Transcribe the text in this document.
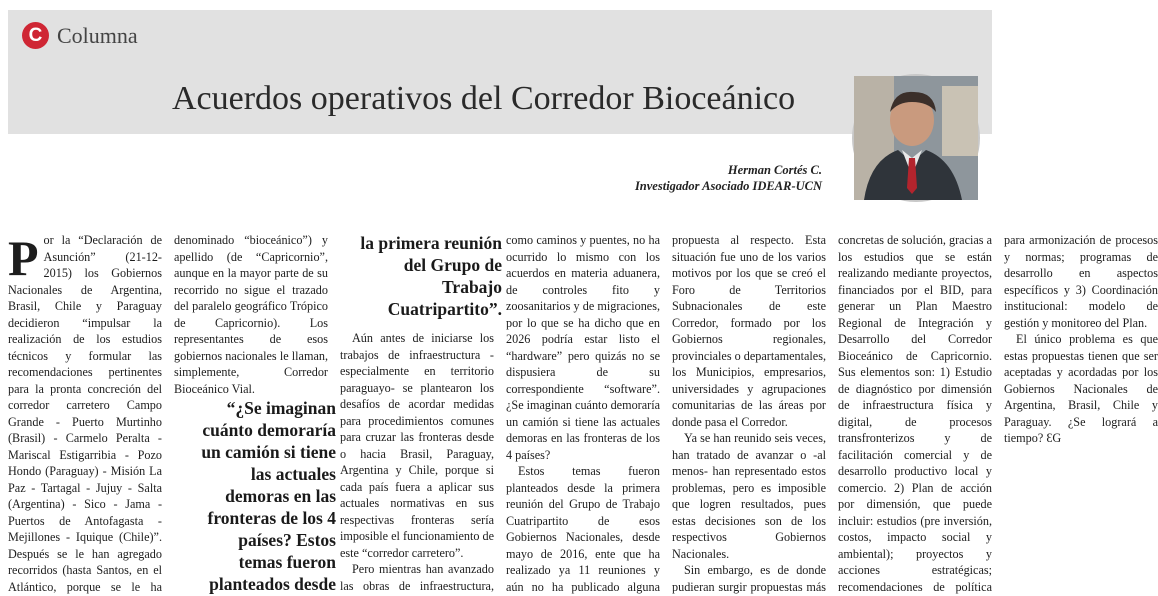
C Columna
Acuerdos operativos del Corredor Bioceánico
Herman Cortés C.
Investigador Asociado IDEAR-UCN

Por la “Declaración de Asunción” (21-12-2015) los Gobiernos Nacionales de Argentina, Brasil, Chile y Paraguay decidieron “impulsar la realización de los estudios técnicos y formular las recomendaciones pertinentes para la pronta concreción del corredor carretero Campo Grande - Puerto Murtinho (Brasil) - Carmelo Peralta - Mariscal Estigarribia - Pozo Hondo (Paraguay) - Misión La Paz - Tartagal - Jujuy - Salta (Argentina) - Sico - Jama - Puertos de Antofagasta - Mejillones - Iquique (Chile)”. Después se le han agregado recorridos (hasta Santos, en el Atlántico, porque se le ha denominado “bioceánico”) y apellido (de “Capricornio”, aunque en la mayor parte de su recorrido no sigue el trazado del paralelo geográfico Trópico de Capricornio). Los representantes de esos gobiernos nacionales le llaman, simplemente, Corredor Bioceánico Vial.

“¿Se imaginan cuánto demoraría un camión si tiene las actuales demoras en las fronteras de los 4 países? Estos temas fueron planteados desde la primera reunión del Grupo de Trabajo Cuatripartito”.

Aún antes de iniciarse los trabajos de infraestructura -especialmente en territorio paraguayo- se plantearon los desafíos de acordar medidas para procedimientos comunes para cruzar las fronteras desde o hacia Brasil, Paraguay, Argentina y Chile, porque si cada país fuera a aplicar sus actuales normativas en sus respectivas fronteras sería imposible el funcionamiento de este “corredor carretero”.

Pero mientras han avanzado las obras de infraestructura, como caminos y puentes, no ha ocurrido lo mismo con los acuerdos en materia aduanera, de controles fito y zoosanitarios y de migraciones, por lo que se ha dicho que en 2026 podría estar listo el “hardware” pero quizás no se dispusiera de su correspondiente “software”. ¿Se imaginan cuánto demoraría un camión si tiene las actuales demoras en las fronteras de los 4 países?

Estos temas fueron planteados desde la primera reunión del Grupo de Trabajo Cuatripartito de esos Gobiernos Nacionales, desde mayo de 2016, ente que ha realizado ya 11 reuniones y aún no ha publicado alguna propuesta al respecto. Esta situación fue uno de los varios motivos por los que se creó el Foro de Territorios Subnacionales de este Corredor, formado por los Gobiernos regionales, provinciales o departamentales, los Municipios, empresarios, universidades y agrupaciones comunitarias de las áreas por donde pasa el Corredor.

Ya se han reunido seis veces, han tratado de avanzar o -al menos- han representado estos problemas, pero es imposible que logren resultados, pues estas decisiones son de los respectivos Gobiernos Nacionales.

Sin embargo, es de donde pudieran surgir propuestas más concretas de solución, gracias a los estudios que se están realizando mediante proyectos, financiados por el BID, para generar un Plan Maestro Regional de Integración y Desarrollo del Corredor Bioceánico de Capricornio. Sus elementos son: 1) Estudio de diagnóstico por dimensión de infraestructura física y digital, de procesos transfronterizos y de facilitación comercial y de desarrollo productivo local y comercio. 2) Plan de acción por dimensión, que puede incluir: estudios (pre inversión, costos, impacto social y ambiental); proyectos y acciones estratégicas; recomendaciones de política para armonización de procesos y normas; programas de desarrollo en aspectos específicos y 3) Coordinación institucional: modelo de gestión y monitoreo del Plan.

El único problema es que estas propuestas tienen que ser aceptadas y acordadas por los Gobiernos Nacionales de Argentina, Brasil, Chile y Paraguay. ¿Se logrará a tiempo? ƐG
